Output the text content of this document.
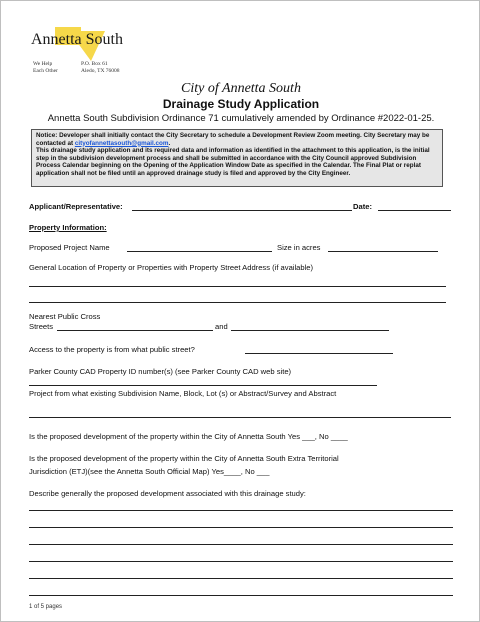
Annetta South
We Help
Each Other
P.O. Box 61
Aledo, TX 76008
City of Annetta South
Drainage Study Application
Annetta South Subdivision Ordinance 71 cumulatively amended by Ordinance #2022-01-25.
Notice: Developer shall initially contact the City Secretary to schedule a Development Review Zoom meeting. City Secretary may be contacted at cityofannettasouth@gmail.com.
This drainage study application and its required data and information as identified in the attachment to this application, is the initial step in the subdivision development process and shall be submitted in accordance with the City Council approved Subdivision Process Calendar beginning on the Opening of the Application Window Date as specified in the Calendar. The Final Plat or replat application shall not be filed until an approved drainage study is filed and approved by the City Engineer.
Applicant/Representative:	Date:
Property Information:
Proposed Project Name	Size in acres
General Location of Property or Properties with Property Street Address (if available)
Nearest Public Cross
Streets	and
Access to the property is from what public street?
Parker County CAD Property ID number(s) (see Parker County CAD web site)
Project from what existing Subdivision Name, Block, Lot (s) or Abstract/Survey and Abstract
Is the proposed development of the property within the City of Annetta South Yes ___, No ____
Is the proposed development of the property within the City of Annetta South Extra Territorial
Jurisdiction (ETJ)(see the Annetta South Official Map) Yes____, No ___
Describe generally the proposed development associated with this drainage study:
1 of 5 pages
